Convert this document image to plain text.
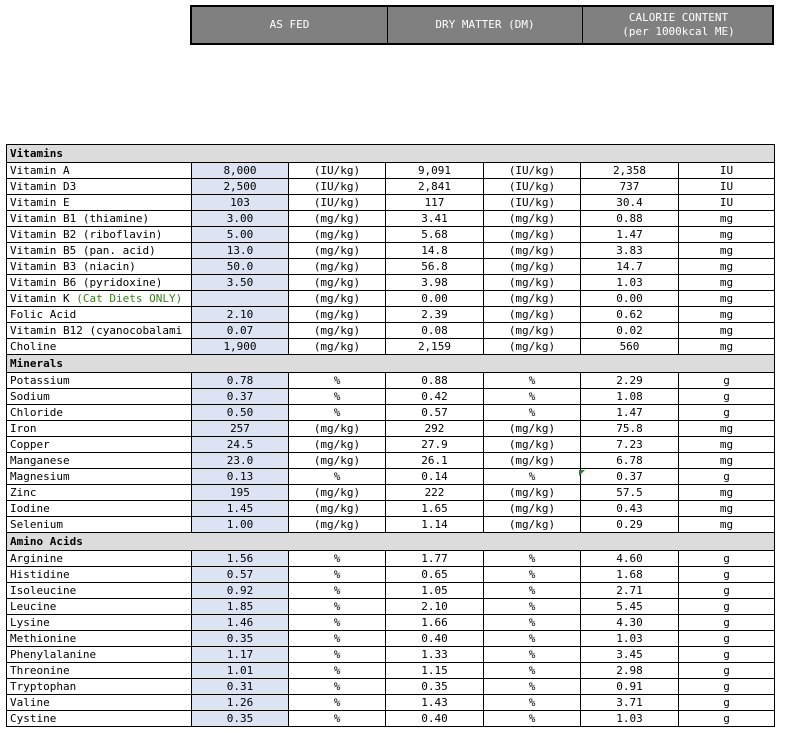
AS FED	DRY MATTER (DM)
CALORIE CONTENT
(per 1000kcal ME)
Vitamins						
Vitamin A	8,000	(IU/kg)	9,091	(IU/kg)	2,358	IU
Vitamin D3	2,500	(IU/kg)	2,841	(IU/kg)	737	IU
Vitamin E	103	(IU/kg)	117	(IU/kg)	30.4	IU
Vitamin B1 (thiamine)	3.00	(mg/kg)	3.41	(mg/kg)	0.88	mg
Vitamin B2 (riboflavin)	5.00	(mg/kg)	5.68	(mg/kg)	1.47	mg
Vitamin B5 (pan. acid)	13.0	(mg/kg)	14.8	(mg/kg)	3.83	mg
Vitamin B3 (niacin)	50.0	(mg/kg)	56.8	(mg/kg)	14.7	mg
Vitamin B6 (pyridoxine)	3.50	(mg/kg)	3.98	(mg/kg)	1.03	mg
Vitamin K (Cat Diets ONLY)		(mg/kg)	0.00	(mg/kg)	0.00	mg
Folic Acid	2.10	(mg/kg)	2.39	(mg/kg)	0.62	mg
Vitamin B12 (cyanocobalami	0.07	(mg/kg)	0.08	(mg/kg)	0.02	mg
Choline	1,900	(mg/kg)	2,159	(mg/kg)	560	mg
Minerals						
Potassium	0.78	%	0.88	%	2.29	g
Sodium	0.37	%	0.42	%	1.08	g
Chloride	0.50	%	0.57	%	1.47	g
Iron	257	(mg/kg)	292	(mg/kg)	75.8	mg
Copper	24.5	(mg/kg)	27.9	(mg/kg)	7.23	mg
Manganese	23.0	(mg/kg)	26.1	(mg/kg)	6.78	mg
Magnesium	0.13	%	0.14	%	0.37	g
Zinc	195	(mg/kg)	222	(mg/kg)	57.5	mg
Iodine	1.45	(mg/kg)	1.65	(mg/kg)	0.43	mg
Selenium	1.00	(mg/kg)	1.14	(mg/kg)	0.29	mg
Amino Acids						
Arginine	1.56	%	1.77	%	4.60	g
Histidine	0.57	%	0.65	%	1.68	g
Isoleucine	0.92	%	1.05	%	2.71	g
Leucine	1.85	%	2.10	%	5.45	g
Lysine	1.46	%	1.66	%	4.30	g
Methionine	0.35	%	0.40	%	1.03	g
Phenylalanine	1.17	%	1.33	%	3.45	g
Threonine	1.01	%	1.15	%	2.98	g
Tryptophan	0.31	%	0.35	%	0.91	g
Valine	1.26	%	1.43	%	3.71	g
Cystine	0.35	%	0.40	%	1.03	g
